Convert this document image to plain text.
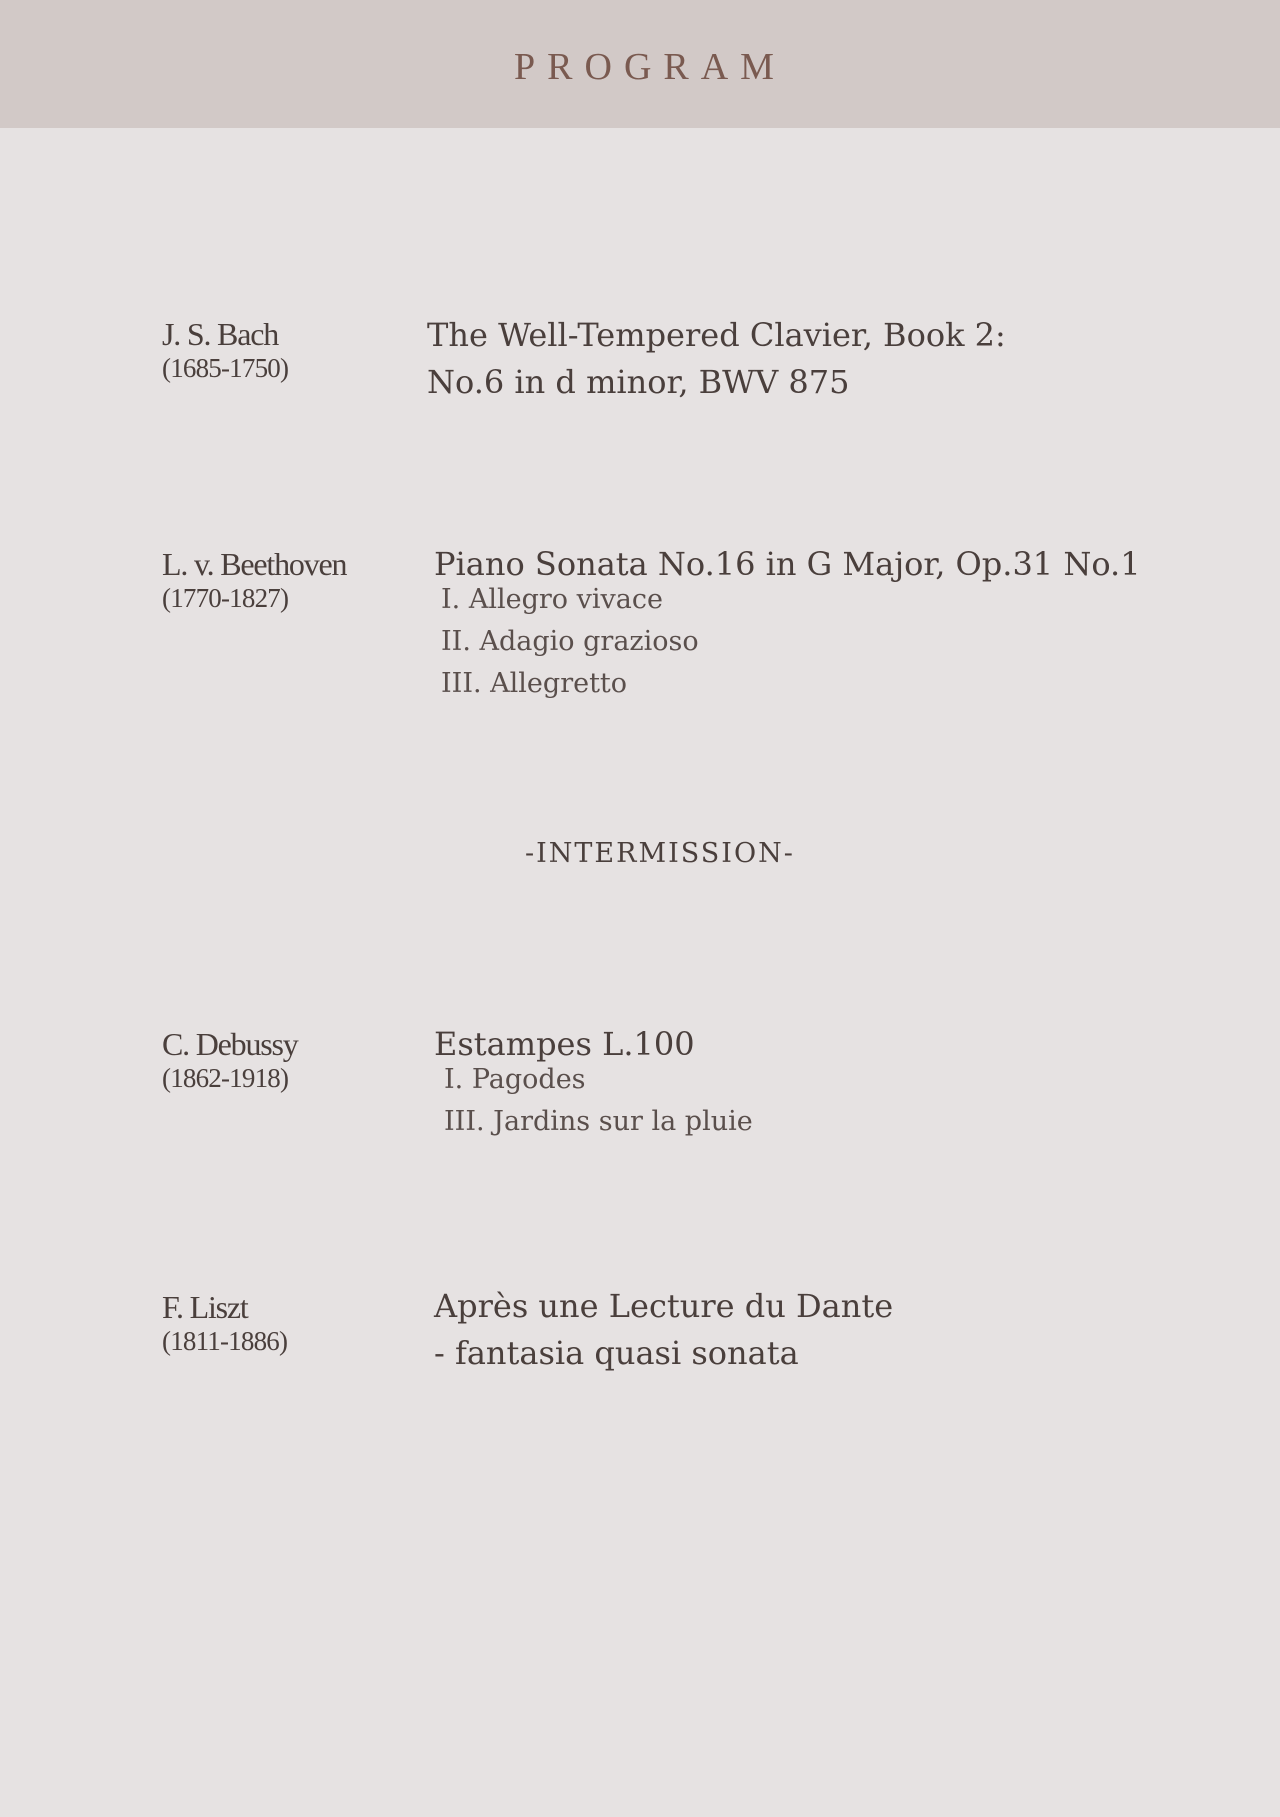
PROGRAM
J. S. Bach
(1685-1750)
The Well-Tempered Clavier, Book 2:
No.6 in d minor, BWV 875
L. v. Beethoven
(1770-1827)
Piano Sonata No.16 in G Major, Op.31 No.1
I. Allegro vivace
II. Adagio grazioso
III. Allegretto
-INTERMISSION-
C. Debussy
(1862-1918)
Estampes L.100
I. Pagodes
III. Jardins sur la pluie
F. Liszt
(1811-1886)
Après une Lecture du Dante
- fantasia quasi sonata
